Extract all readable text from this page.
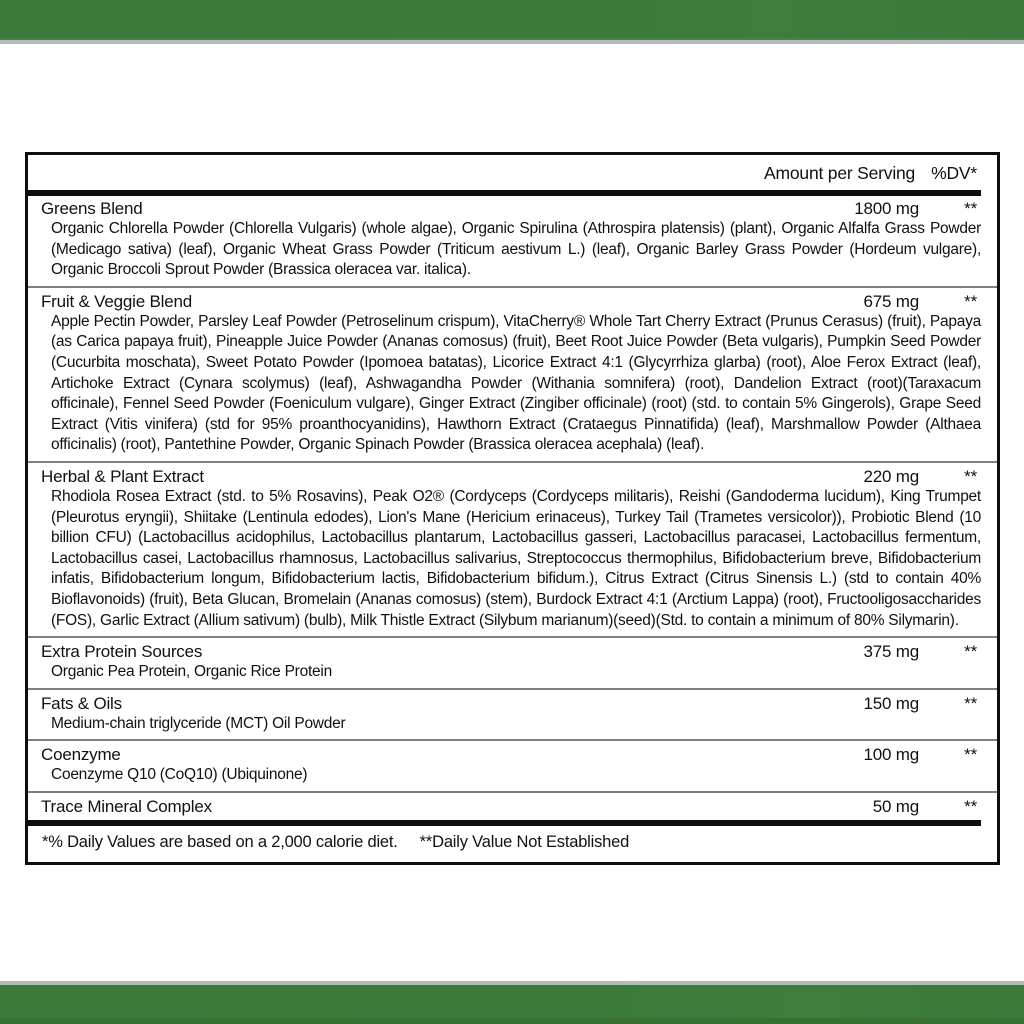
Amount per Serving %DV*
Greens Blend	1800 mg	**
Organic Chlorella Powder (Chlorella Vulgaris) (whole algae), Organic Spirulina (Athrospira platensis) (plant), Organic Alfalfa Grass Powder (Medicago sativa) (leaf), Organic Wheat Grass Powder (Triticum aestivum L.) (leaf), Organic Barley Grass Powder (Hordeum vulgare), Organic Broccoli Sprout Powder (Brassica oleracea var. italica).
Fruit & Veggie Blend	675 mg	**
Apple Pectin Powder, Parsley Leaf Powder (Petroselinum crispum), VitaCherry® Whole Tart Cherry Extract (Prunus Cerasus) (fruit), Papaya (as Carica papaya fruit), Pineapple Juice Powder (Ananas comosus) (fruit), Beet Root Juice Powder (Beta vulgaris), Pumpkin Seed Powder (Cucurbita moschata), Sweet Potato Powder (Ipomoea batatas), Licorice Extract 4:1 (Glycyrrhiza glarba) (root), Aloe Ferox Extract (leaf), Artichoke Extract (Cynara scolymus) (leaf), Ashwagandha Powder (Withania somnifera) (root), Dandelion Extract (root)(Taraxacum officinale), Fennel Seed Powder (Foeniculum vulgare), Ginger Extract (Zingiber officinale) (root) (std. to contain 5% Gingerols), Grape Seed Extract (Vitis vinifera) (std for 95% proanthocyanidins), Hawthorn Extract (Crataegus Pinnatifida) (leaf), Marshmallow Powder (Althaea officinalis) (root), Pantethine Powder, Organic Spinach Powder (Brassica oleracea acephala) (leaf).
Herbal & Plant Extract	220 mg	**
Rhodiola Rosea Extract (std. to 5% Rosavins), Peak O2® (Cordyceps (Cordyceps militaris), Reishi (Gandoderma lucidum), King Trumpet (Pleurotus eryngii), Shiitake (Lentinula edodes), Lion's Mane (Hericium erinaceus), Turkey Tail (Trametes versicolor)), Probiotic Blend (10 billion CFU) (Lactobacillus acidophilus, Lactobacillus plantarum, Lactobacillus gasseri, Lactobacillus paracasei, Lactobacillus fermentum, Lactobacillus casei, Lactobacillus rhamnosus, Lactobacillus salivarius, Streptococcus thermophilus, Bifidobacterium breve, Bifidobacterium infatis, Bifidobacterium longum, Bifidobacterium lactis, Bifidobacterium bifidum.), Citrus Extract (Citrus Sinensis L.) (std to contain 40% Bioflavonoids) (fruit), Beta Glucan, Bromelain (Ananas comosus) (stem), Burdock Extract 4:1 (Arctium Lappa) (root), Fructooligosaccharides (FOS), Garlic Extract (Allium sativum) (bulb), Milk Thistle Extract (Silybum marianum)(seed)(Std. to contain a minimum of 80% Silymarin).
Extra Protein Sources	375 mg	**
Organic Pea Protein, Organic Rice Protein
Fats & Oils	150 mg	**
Medium-chain triglyceride (MCT) Oil Powder
Coenzyme	100 mg	**
Coenzyme Q10 (CoQ10) (Ubiquinone)
Trace Mineral Complex	50 mg	**
*% Daily Values are based on a 2,000 calorie diet. **Daily Value Not Established
